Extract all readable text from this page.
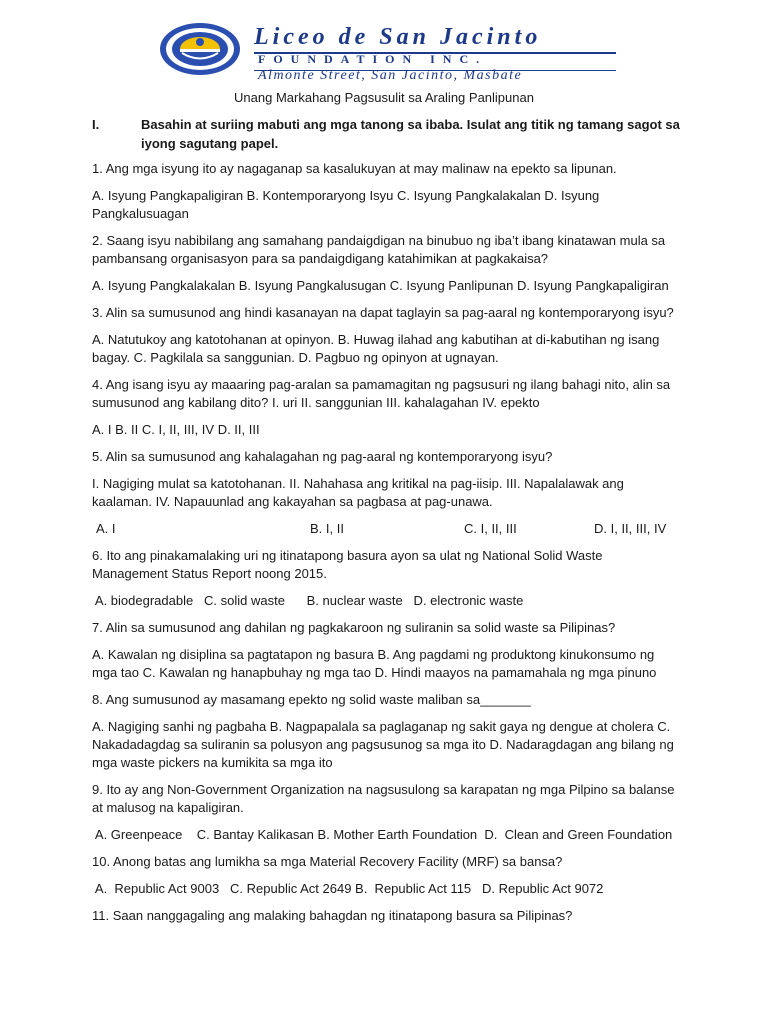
Liceo de San Jacinto
FOUNDATION INC.
Almonte Street, San Jacinto, Masbate
Unang Markahang Pagsusulit sa Araling Panlipunan
I.	Basahin at suriing mabuti ang mga tanong sa ibaba. Isulat ang titik ng tamang sagot sa iyong sagutang papel.

1. Ang mga isyung ito ay nagaganap sa kasalukuyan at may malinaw na epekto sa lipunan.

A. Isyung Pangkapaligiran B. Kontemporaryong Isyu C. Isyung Pangkalakalan D. Isyung Pangkalusuagan

2. Saang isyu nabibilang ang samahang pandaigdigan na binubuo ng iba’t ibang kinatawan mula sa pambansang organisasyon para sa pandaigdigang katahimikan at pagkakaisa?

A. Isyung Pangkalakalan B. Isyung Pangkalusugan C. Isyung Panlipunan D. Isyung Pangkapaligiran

3. Alin sa sumusunod ang hindi kasanayan na dapat taglayin sa pag-aaral ng kontemporaryong isyu?

A. Natutukoy ang katotohanan at opinyon. B. Huwag ilahad ang kabutihan at di-kabutihan ng isang bagay. C. Pagkilala sa sanggunian. D. Pagbuo ng opinyon at ugnayan.

4. Ang isang isyu ay maaaring pag-aralan sa pamamagitan ng pagsusuri ng ilang bahagi nito, alin sa sumusunod ang kabilang dito? I. uri II. sanggunian III. kahalagahan IV. epekto

A. I B. II C. I, II, III, IV D. II, III

5. Alin sa sumusunod ang kahalagahan ng pag-aaral ng kontemporaryong isyu?

I. Nagiging mulat sa katotohanan. II. Nahahasa ang kritikal na pag-iisip. III. Napalalawak ang kaalaman. IV. Napauunlad ang kakayahan sa pagbasa at pag-unawa.

A. I	B. I, II	C. I, II, III	D. I, II, III, IV

6. Ito ang pinakamalaking uri ng itinatapong basura ayon sa ulat ng National Solid Waste Management Status Report noong 2015.

A. biodegradable   C. solid waste      B. nuclear waste   D. electronic waste

7. Alin sa sumusunod ang dahilan ng pagkakaroon ng suliranin sa solid waste sa Pilipinas?

A. Kawalan ng disiplina sa pagtatapon ng basura B. Ang pagdami ng produktong kinukonsumo ng mga tao C. Kawalan ng hanapbuhay ng mga tao D. Hindi maayos na pamamahala ng mga pinuno

8. Ang sumusunod ay masamang epekto ng solid waste maliban sa_______

A. Nagiging sanhi ng pagbaha B. Nagpapalala sa paglaganap ng sakit gaya ng dengue at cholera C. Nakadadagdag sa suliranin sa polusyon ang pagsusunog sa mga ito D. Nadaragdagan ang bilang ng mga waste pickers na kumikita sa mga ito

9. Ito ay ang Non-Government Organization na nagsusulong sa karapatan ng mga Pilpino sa balanse at malusog na kapaligiran.

A. Greenpeace    C. Bantay Kalikasan B. Mother Earth Foundation  D.  Clean and Green Foundation

10. Anong batas ang lumikha sa mga Material Recovery Facility (MRF) sa bansa?

A.  Republic Act 9003   C. Republic Act 2649 B.  Republic Act 115   D. Republic Act 9072

11. Saan nanggagaling ang malaking bahagdan ng itinatapong basura sa Pilipinas?
